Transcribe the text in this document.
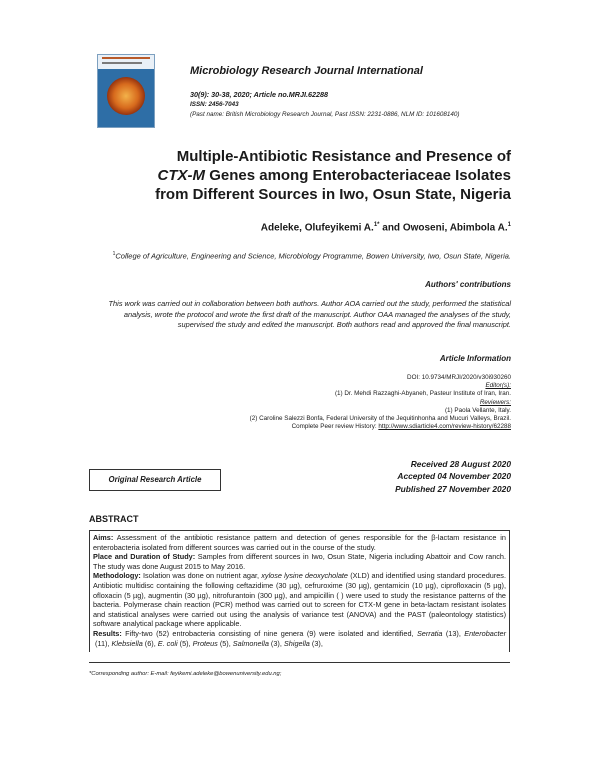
Microbiology Research Journal International
30(9): 30-38, 2020; Article no.MRJI.62288
ISSN: 2456-7043
(Past name: British Microbiology Research Journal, Past ISSN: 2231-0886, NLM ID: 101608140)
Multiple-Antibiotic Resistance and Presence of
CTX-M Genes among Enterobacteriaceae Isolates
from Different Sources in Iwo, Osun State, Nigeria
Adeleke, Olufeyikemi A.$^{1*}$ and Owoseni, Abimbola A.$^1$
$^1$College of Agriculture, Engineering and Science, Microbiology Programme, Bowen University, Iwo, Osun State, Nigeria.
Authors' contributions
This work was carried out in collaboration between both authors. Author AOA carried out the study, performed the statistical analysis, wrote the protocol and wrote the first draft of the manuscript. Author OAA managed the analyses of the study, supervised the study and edited the manuscript. Both authors read and approved the final manuscript.
Article Information
DOI: 10.9734/MRJI/2020/v30i930260
Editor(s):
(1) Dr. Mehdi Razzaghi-Abyaneh, Pasteur Institute of Iran, Iran.
Reviewers:
(1) Paola Vellante, Italy.
(2) Caroline Salezzi Bonfa, Federal University of the Jequitinhonha and Mucuri Valleys, Brazil.
Complete Peer review History: http://www.sdiarticle4.com/review-history/62288
Received 28 August 2020
Accepted 04 November 2020
Published 27 November 2020
Original Research Article
ABSTRACT

Aims: Assessment of the antibiotic resistance pattern and detection of genes responsible for the β-lactam resistance in enterobacteria isolated from different sources was carried out in the course of the study.

Place and Duration of Study: Samples from different sources in Iwo, Osun State, Nigeria including Abattoir and Cow ranch. The study was done August 2015 to May 2016.

Methodology: Isolation was done on nutrient agar, xylose lysine deoxycholate (XLD) and identified using standard procedures. Antibiotic multidisc containing the following ceftazidime (30 µg), cefruroxime (30 µg), gentamicin (10 µg), ciprofloxacin (5 µg), ofloxacin (5 µg), augmentin (30 µg), nitrofurantoin (300 µg), and ampicillin ( ) were used to study the resistance patterns of the bacteria. Polymerase chain reaction (PCR) method was carried out to screen for CTX-M gene in beta-lactam resistant isolates and statistical analyses were carried out using the analysis of variance test (ANOVA) and the PAST (paleontology statistics) software analytical package where applicable.

Results: Fifty-two (52) entrobacteria consisting of nine genera (9) were isolated and identified, Serratia (13), Enterobacter (11), Klebsiella (6), E. coli (5), Proteus (5), Salmonella (3), Shigella (3),

*Corresponding author: E-mail: feyikemi.adeleke@bowenuniversity.edu.ng;
